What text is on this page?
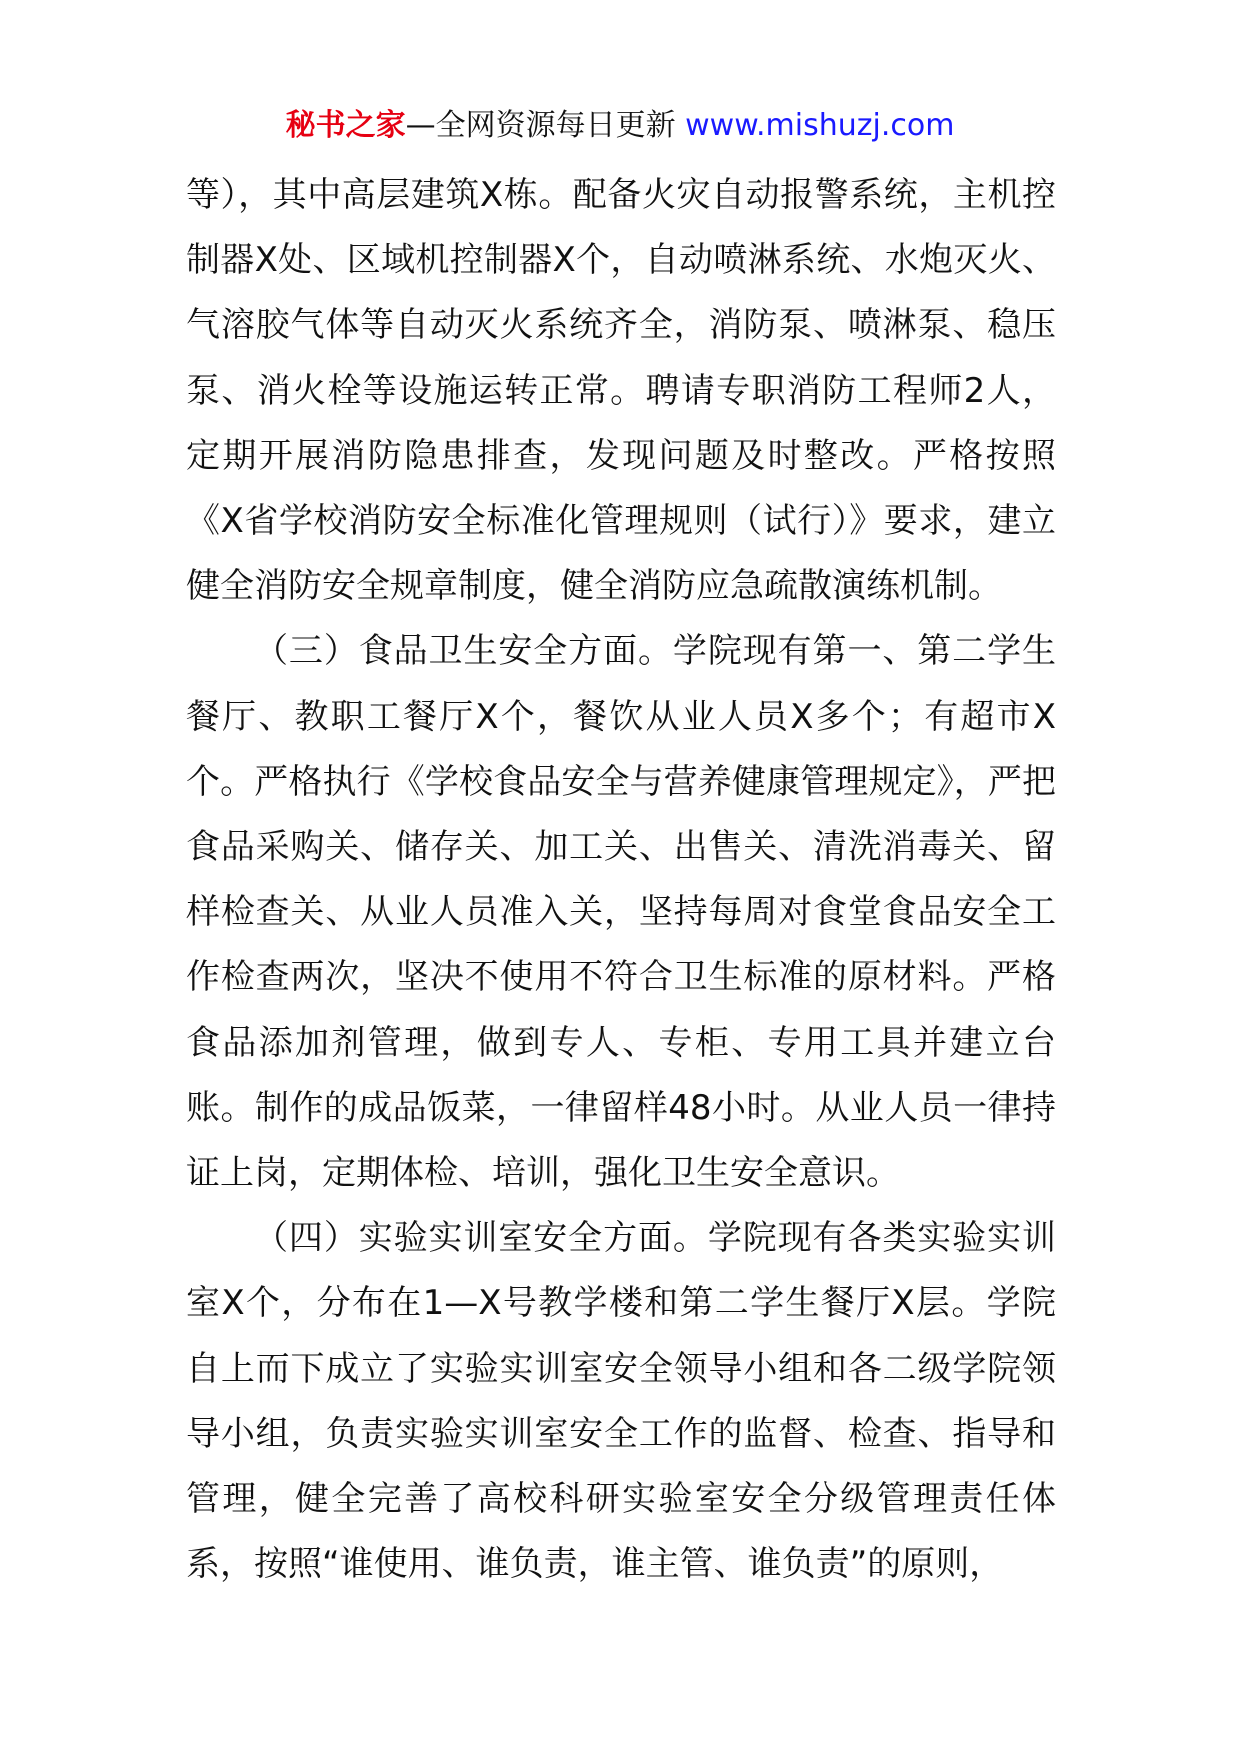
秘书之家—全网资源每日更新 www.mishuzj.com

等），其中高层建筑X栋。配备火灾自动报警系统，主机控制器X处、区域机控制器X个，自动喷淋系统、水炮灭火、气溶胶气体等自动灭火系统齐全，消防泵、喷淋泵、稳压泵、消火栓等设施运转正常。聘请专职消防工程师2人，定期开展消防隐患排查，发现问题及时整改。严格按照《X省学校消防安全标准化管理规则（试行）》要求，建立健全消防安全规章制度，健全消防应急疏散演练机制。

（三）食品卫生安全方面。学院现有第一、第二学生餐厅、教职工餐厅X个，餐饮从业人员X多个；有超市X个。严格执行《学校食品安全与营养健康管理规定》，严把食品采购关、储存关、加工关、出售关、清洗消毒关、留样检查关、从业人员准入关，坚持每周对食堂食品安全工作检查两次，坚决不使用不符合卫生标准的原材料。严格食品添加剂管理，做到专人、专柜、专用工具并建立台账。制作的成品饭菜，一律留样48小时。从业人员一律持证上岗，定期体检、培训，强化卫生安全意识。

（四）实验实训室安全方面。学院现有各类实验实训室X个，分布在1—X号教学楼和第二学生餐厅X层。学院自上而下成立了实验实训室安全领导小组和各二级学院领导小组，负责实验实训室安全工作的监督、检查、指导和管理，健全完善了高校科研实验室安全分级管理责任体系，按照“谁使用、谁负责，谁主管、谁负责”的原则，
